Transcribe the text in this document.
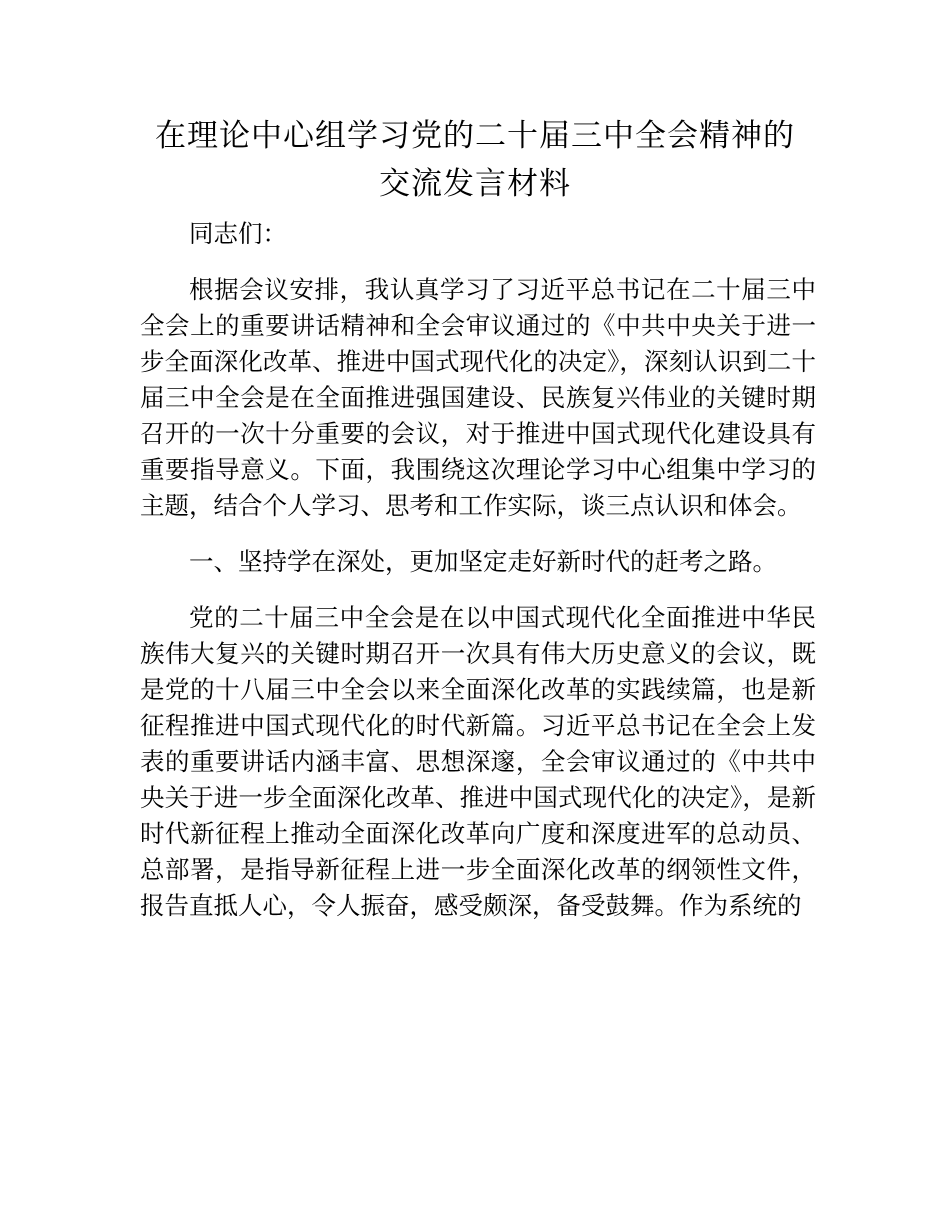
在理论中心组学习党的二十届三中全会精神的
交流发言材料

同志们：

根据会议安排，我认真学习了习近平总书记在二十届三中全会上的重要讲话精神和全会审议通过的《中共中央关于进一步全面深化改革、推进中国式现代化的决定》，深刻认识到二十届三中全会是在全面推进强国建设、民族复兴伟业的关键时期召开的一次十分重要的会议，对于推进中国式现代化建设具有重要指导意义。下面，我围绕这次理论学习中心组集中学习的主题，结合个人学习、思考和工作实际，谈三点认识和体会。

一、坚持学在深处，更加坚定走好新时代的赶考之路。

党的二十届三中全会是在以中国式现代化全面推进中华民族伟大复兴的关键时期召开一次具有伟大历史意义的会议，既是党的十八届三中全会以来全面深化改革的实践续篇，也是新征程推进中国式现代化的时代新篇。习近平总书记在全会上发表的重要讲话内涵丰富、思想深邃，全会审议通过的《中共中央关于进一步全面深化改革、推进中国式现代化的决定》，是新时代新征程上推动全面深化改革向广度和深度进军的总动员、总部署，是指导新征程上进一步全面深化改革的纲领性文件，报告直抵人心，令人振奋，感受颇深，备受鼓舞。作为系统的
